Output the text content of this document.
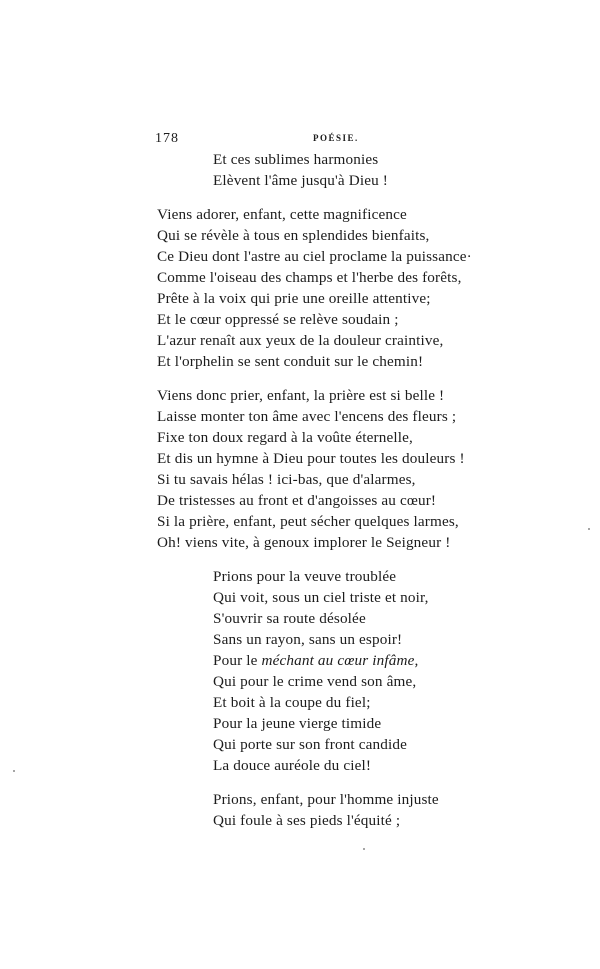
178	POÉSIE.
Et ces sublimes harmonies
Elèvent l'âme jusqu'à Dieu !
Viens adorer, enfant, cette magnificence
Qui se révèle à tous en splendides bienfaits,
Ce Dieu dont l'astre au ciel proclame la puissance·
Comme l'oiseau des champs et l'herbe des forêts,
Prête à la voix qui prie une oreille attentive;
Et le cœur oppressé se relève soudain ;
L'azur renaît aux yeux de la douleur craintive,
Et l'orphelin se sent conduit sur le chemin!
Viens donc prier, enfant, la prière est si belle !
Laisse monter ton âme avec l'encens des fleurs ;
Fixe ton doux regard à la voûte éternelle,
Et dis un hymne à Dieu pour toutes les douleurs !
Si tu savais hélas ! ici-bas, que d'alarmes,
De tristesses au front et d'angoisses au cœur!
Si la prière, enfant, peut sécher quelques larmes,
Oh! viens vite, à genoux implorer le Seigneur !
Prions pour la veuve troublée
Qui voit, sous un ciel triste et noir,
S'ouvrir sa route désolée
Sans un rayon, sans un espoir!
Pour le méchant au cœur infâme,
Qui pour le crime vend son âme,
Et boit à la coupe du fiel;
Pour la jeune vierge timide
Qui porte sur son front candide
La douce auréole du ciel!
Prions, enfant, pour l'homme injuste
Qui foule à ses pieds l'équité ;
